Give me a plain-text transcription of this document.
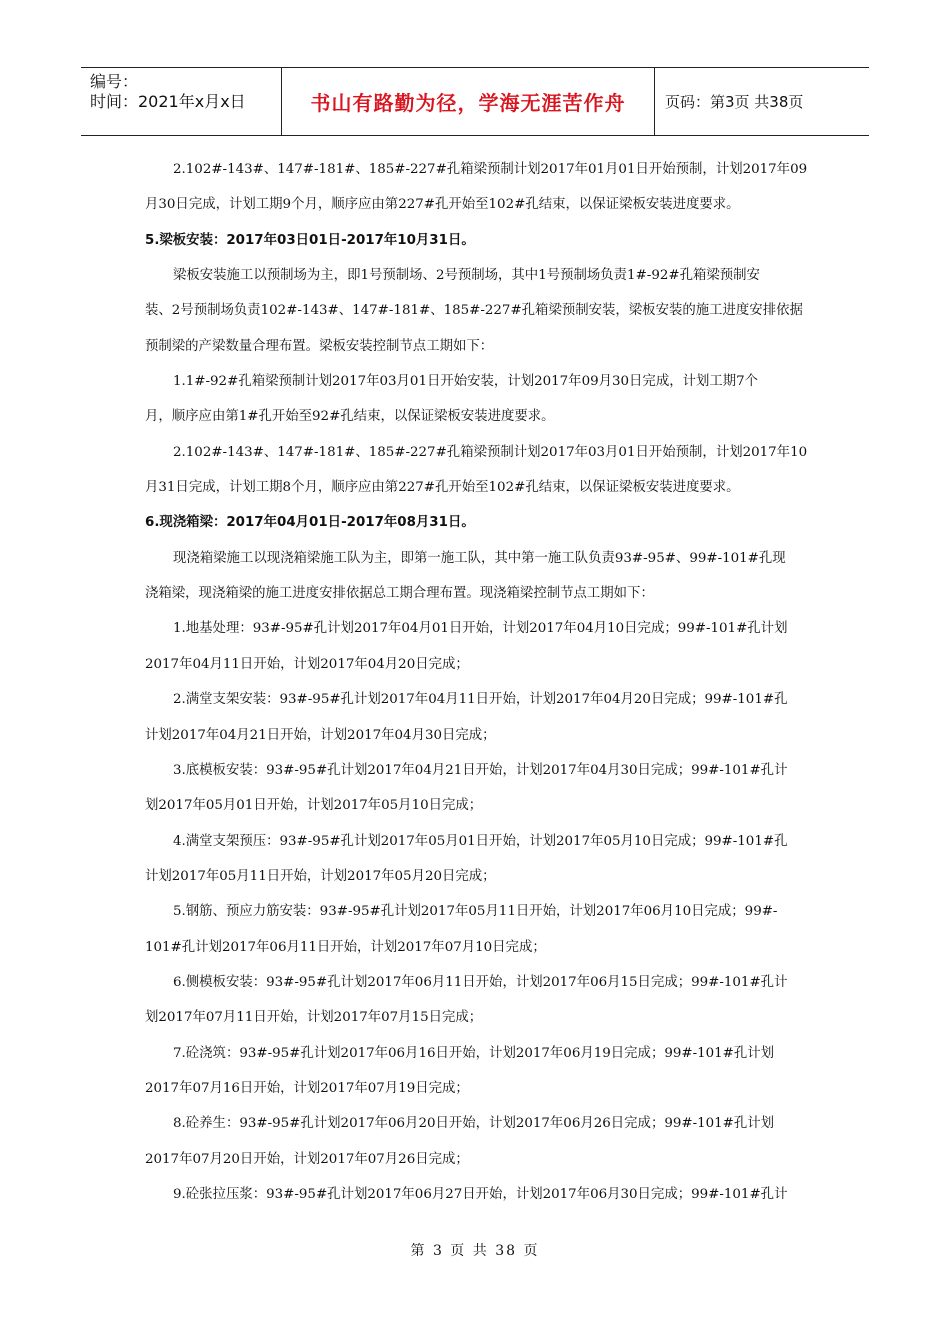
编号：
时间：2021年x月x日	书山有路勤为径，学海无涯苦作舟	页码：第3页 共38页
2.102#-143#、147#-181#、185#-227#孔箱梁预制计划2017年01月01日开始预制，计划2017年09
月30日完成，计划工期9个月，顺序应由第227#孔开始至102#孔结束，以保证梁板安装进度要求。
5.梁板安装：2017年03日01日-2017年10月31日。
梁板安装施工以预制场为主，即1号预制场、2号预制场，其中1号预制场负责1#-92#孔箱梁预制安
装、2号预制场负责102#-143#、147#-181#、185#-227#孔箱梁预制安装，梁板安装的施工进度安排依据
预制梁的产梁数量合理布置。梁板安装控制节点工期如下：
1.1#-92#孔箱梁预制计划2017年03月01日开始安装，计划2017年09月30日完成，计划工期7个
月，顺序应由第1#孔开始至92#孔结束，以保证梁板安装进度要求。
2.102#-143#、147#-181#、185#-227#孔箱梁预制计划2017年03月01日开始预制，计划2017年10
月31日完成，计划工期8个月，顺序应由第227#孔开始至102#孔结束，以保证梁板安装进度要求。
6.现浇箱梁：2017年04月01日-2017年08月31日。
现浇箱梁施工以现浇箱梁施工队为主，即第一施工队，其中第一施工队负责93#-95#、99#-101#孔现
浇箱梁，现浇箱梁的施工进度安排依据总工期合理布置。现浇箱梁控制节点工期如下：
1.地基处理：93#-95#孔计划2017年04月01日开始，计划2017年04月10日完成；99#-101#孔计划
2017年04月11日开始，计划2017年04月20日完成；
2.满堂支架安装：93#-95#孔计划2017年04月11日开始，计划2017年04月20日完成；99#-101#孔
计划2017年04月21日开始，计划2017年04月30日完成；
3.底模板安装：93#-95#孔计划2017年04月21日开始，计划2017年04月30日完成；99#-101#孔计
划2017年05月01日开始，计划2017年05月10日完成；
4.满堂支架预压：93#-95#孔计划2017年05月01日开始，计划2017年05月10日完成；99#-101#孔
计划2017年05月11日开始，计划2017年05月20日完成；
5.钢筋、预应力筋安装：93#-95#孔计划2017年05月11日开始，计划2017年06月10日完成；99#-
101#孔计划2017年06月11日开始，计划2017年07月10日完成；
6.侧模板安装：93#-95#孔计划2017年06月11日开始，计划2017年06月15日完成；99#-101#孔计
划2017年07月11日开始，计划2017年07月15日完成；
7.砼浇筑：93#-95#孔计划2017年06月16日开始，计划2017年06月19日完成；99#-101#孔计划
2017年07月16日开始，计划2017年07月19日完成；
8.砼养生：93#-95#孔计划2017年06月20日开始，计划2017年06月26日完成；99#-101#孔计划
2017年07月20日开始，计划2017年07月26日完成；
9.砼张拉压浆：93#-95#孔计划2017年06月27日开始，计划2017年06月30日完成；99#-101#孔计
第 3 页 共 38 页
